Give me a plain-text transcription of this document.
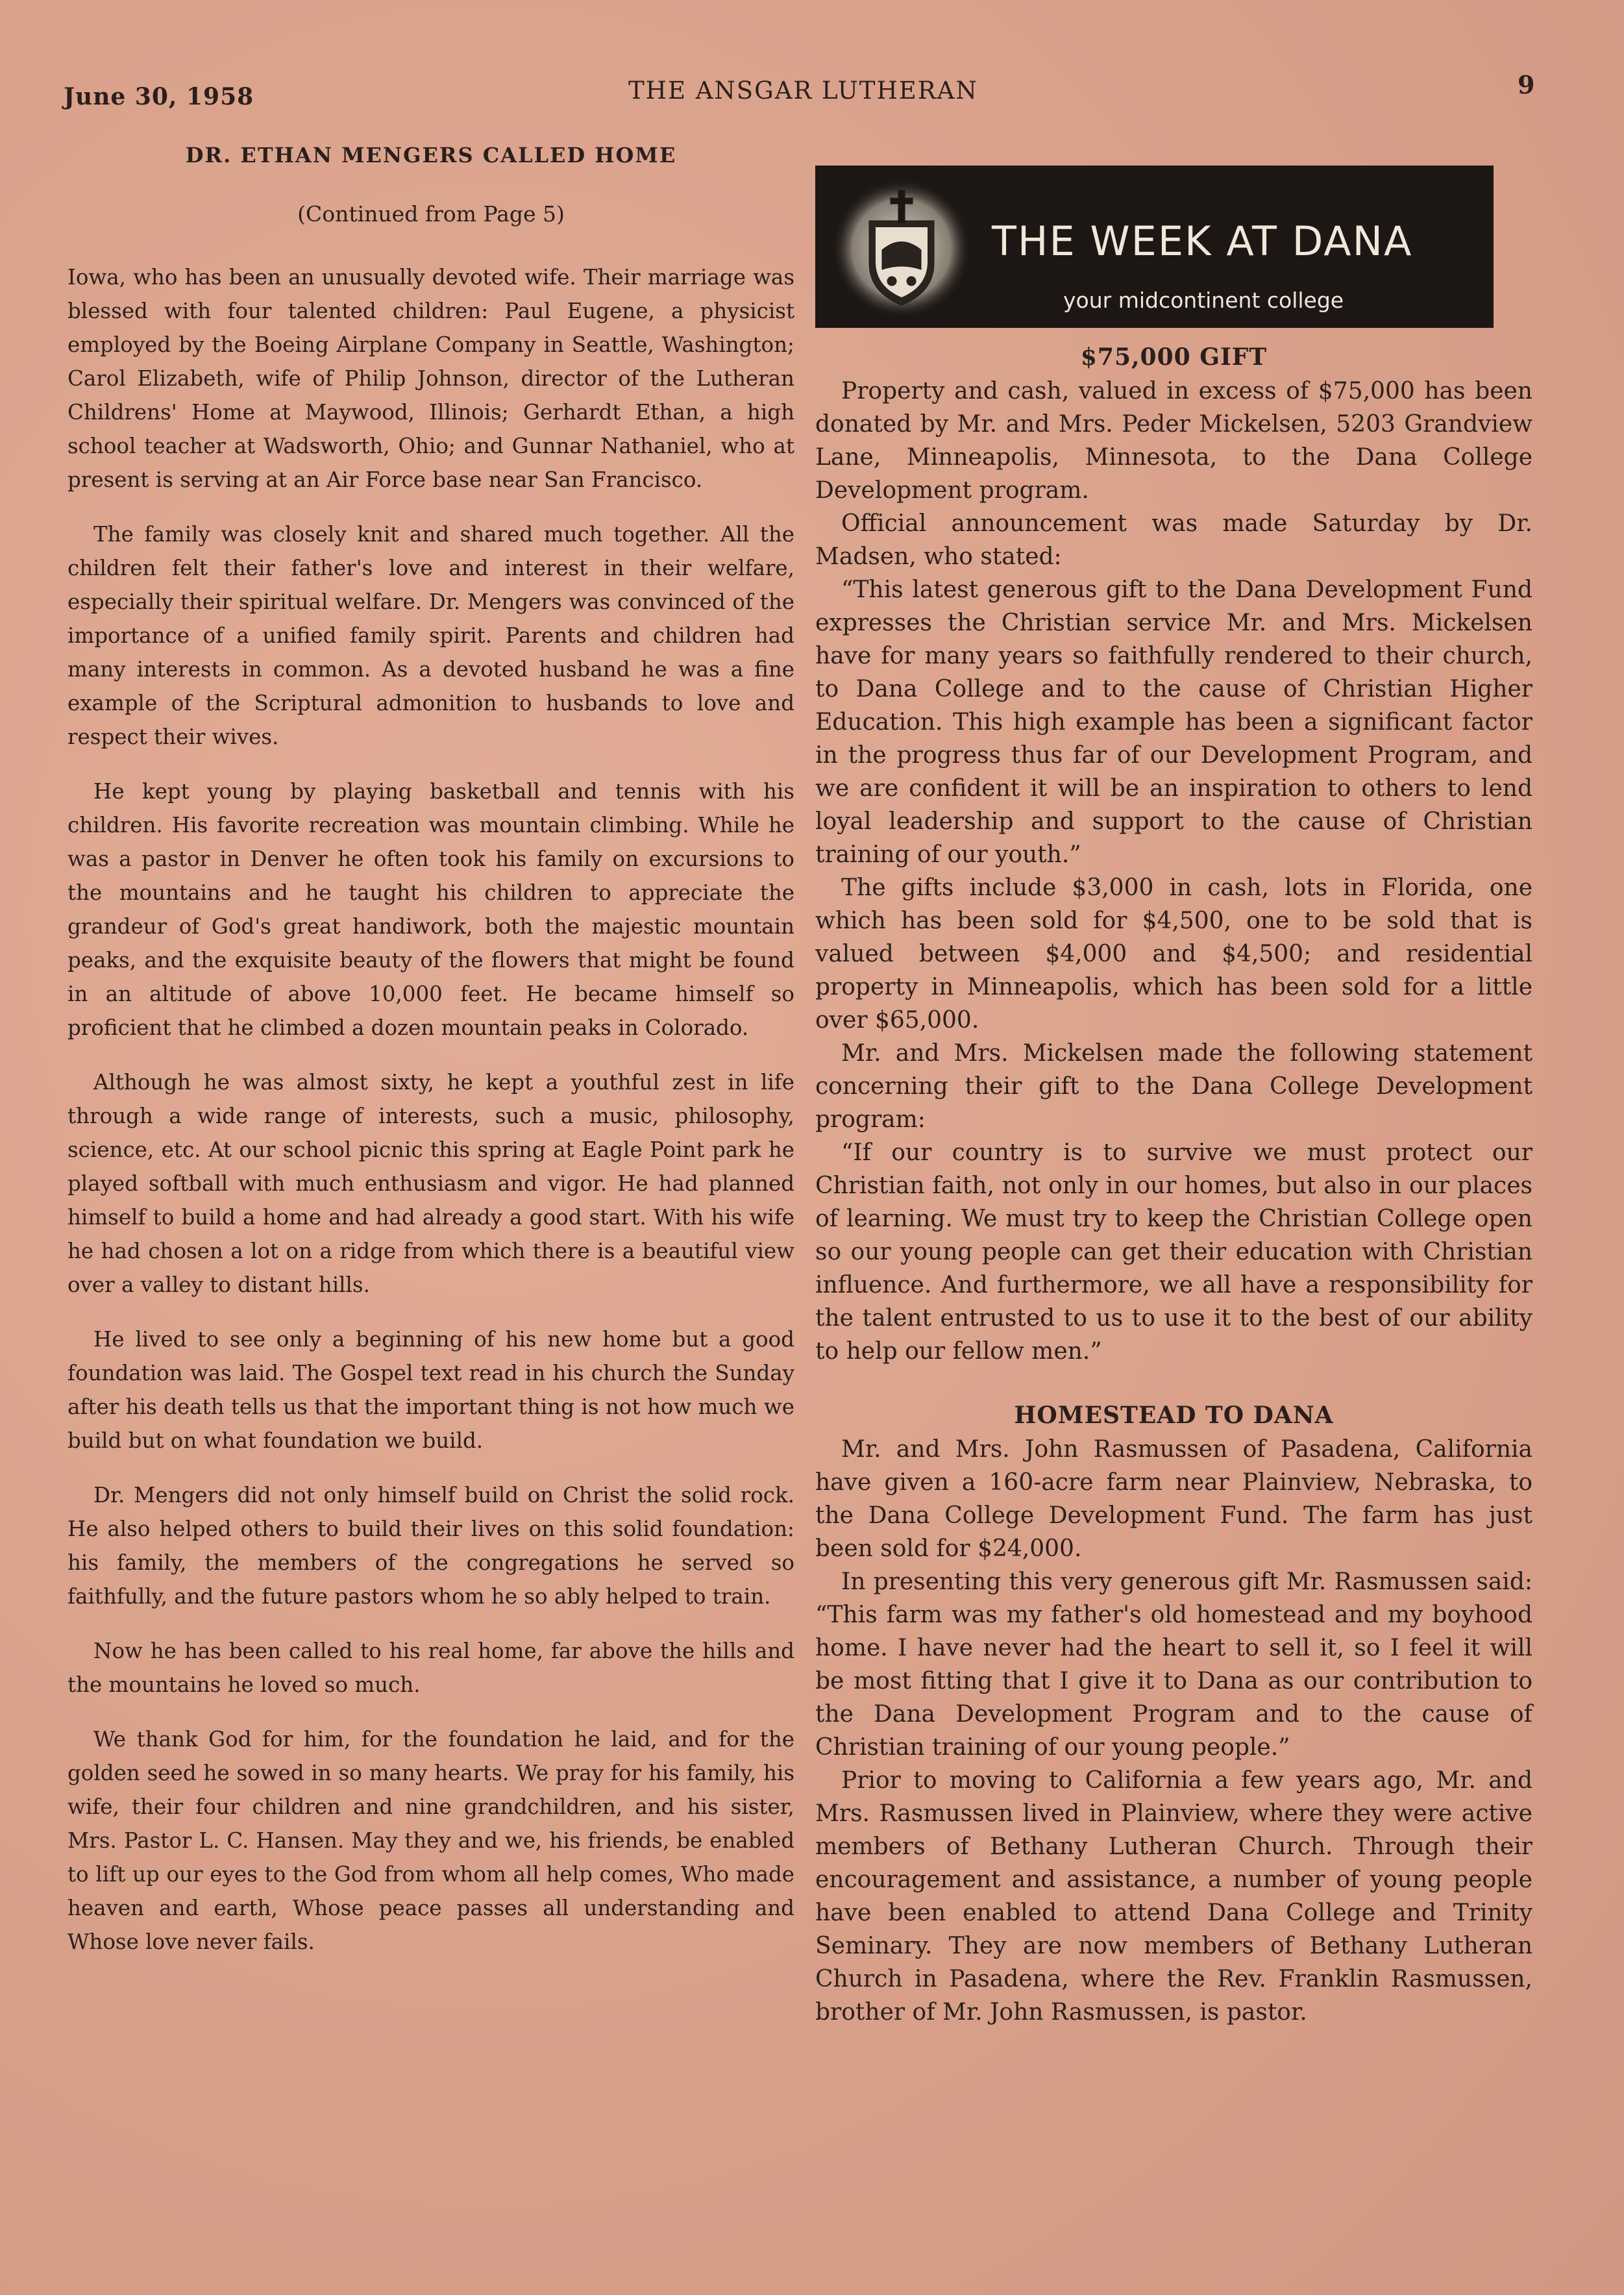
June 30, 1958	THE ANSGAR LUTHERAN	9
DR. ETHAN MENGERS CALLED HOME

(Continued from Page 5)

Iowa, who has been an unusually devoted wife. Their marriage was blessed with four talented children: Paul Eugene, a physicist employed by the Boeing Airplane Company in Seattle, Washington; Carol Elizabeth, wife of Philip Johnson, director of the Lutheran Childrens' Home at Maywood, Illinois; Gerhardt Ethan, a high school teacher at Wadsworth, Ohio; and Gunnar Nathaniel, who at present is serving at an Air Force base near San Francisco.

The family was closely knit and shared much together. All the children felt their father's love and interest in their welfare, especially their spiritual welfare. Dr. Mengers was convinced of the importance of a unified family spirit. Parents and children had many interests in common. As a devoted husband he was a fine example of the Scriptural admonition to husbands to love and respect their wives.

He kept young by playing basketball and tennis with his children. His favorite recreation was mountain climbing. While he was a pastor in Denver he often took his family on excursions to the mountains and he taught his children to appreciate the grandeur of God's great handiwork, both the majestic mountain peaks, and the exquisite beauty of the flowers that might be found in an altitude of above 10,000 feet. He became himself so proficient that he climbed a dozen mountain peaks in Colorado.

Although he was almost sixty, he kept a youthful zest in life through a wide range of interests, such a music, philosophy, science, etc. At our school picnic this spring at Eagle Point park he played softball with much enthusiasm and vigor. He had planned himself to build a home and had already a good start. With his wife he had chosen a lot on a ridge from which there is a beautiful view over a valley to distant hills.

He lived to see only a beginning of his new home but a good foundation was laid. The Gospel text read in his church the Sunday after his death tells us that the important thing is not how much we build but on what foundation we build.

Dr. Mengers did not only himself build on Christ the solid rock. He also helped others to build their lives on this solid foundation: his family, the members of the congregations he served so faithfully, and the future pastors whom he so ably helped to train.

Now he has been called to his real home, far above the hills and the mountains he loved so much.

We thank God for him, for the foundation he laid, and for the golden seed he sowed in so many hearts. We pray for his family, his wife, their four children and nine grandchildren, and his sister, Mrs. Pastor L. C. Hansen. May they and we, his friends, be enabled to lift up our eyes to the God from whom all help comes, Who made heaven and earth, Whose peace passes all understanding and Whose love never fails.

THE WEEK AT DANA
your midcontinent college
$75,000 GIFT

Property and cash, valued in excess of $75,000 has been donated by Mr. and Mrs. Peder Mickelsen, 5203 Grandview Lane, Minneapolis, Minnesota, to the Dana College Development program.

Official announcement was made Saturday by Dr. Madsen, who stated:

“This latest generous gift to the Dana Development Fund expresses the Christian service Mr. and Mrs. Mickelsen have for many years so faithfully rendered to their church, to Dana College and to the cause of Christian Higher Education. This high example has been a significant factor in the progress thus far of our Development Program, and we are confident it will be an inspiration to others to lend loyal leadership and support to the cause of Christian training of our youth.”

The gifts include $3,000 in cash, lots in Florida, one which has been sold for $4,500, one to be sold that is valued between $4,000 and $4,500; and residential property in Minneapolis, which has been sold for a little over $65,000.

Mr. and Mrs. Mickelsen made the following statement concerning their gift to the Dana College Development program:

“If our country is to survive we must protect our Christian faith, not only in our homes, but also in our places of learning. We must try to keep the Christian College open so our young people can get their education with Christian influence. And furthermore, we all have a responsibility for the talent entrusted to us to use it to the best of our ability to help our fellow men.”

HOMESTEAD TO DANA

Mr. and Mrs. John Rasmussen of Pasadena, California have given a 160-acre farm near Plainview, Nebraska, to the Dana College Development Fund. The farm has just been sold for $24,000.

In presenting this very generous gift Mr. Rasmussen said: “This farm was my father's old homestead and my boyhood home. I have never had the heart to sell it, so I feel it will be most fitting that I give it to Dana as our contribution to the Dana Development Program and to the cause of Christian training of our young people.”

Prior to moving to California a few years ago, Mr. and Mrs. Rasmussen lived in Plainview, where they were active members of Bethany Lutheran Church. Through their encouragement and assistance, a number of young people have been enabled to attend Dana College and Trinity Seminary. They are now members of Bethany Lutheran Church in Pasadena, where the Rev. Franklin Rasmussen, brother of Mr. John Rasmussen, is pastor.
